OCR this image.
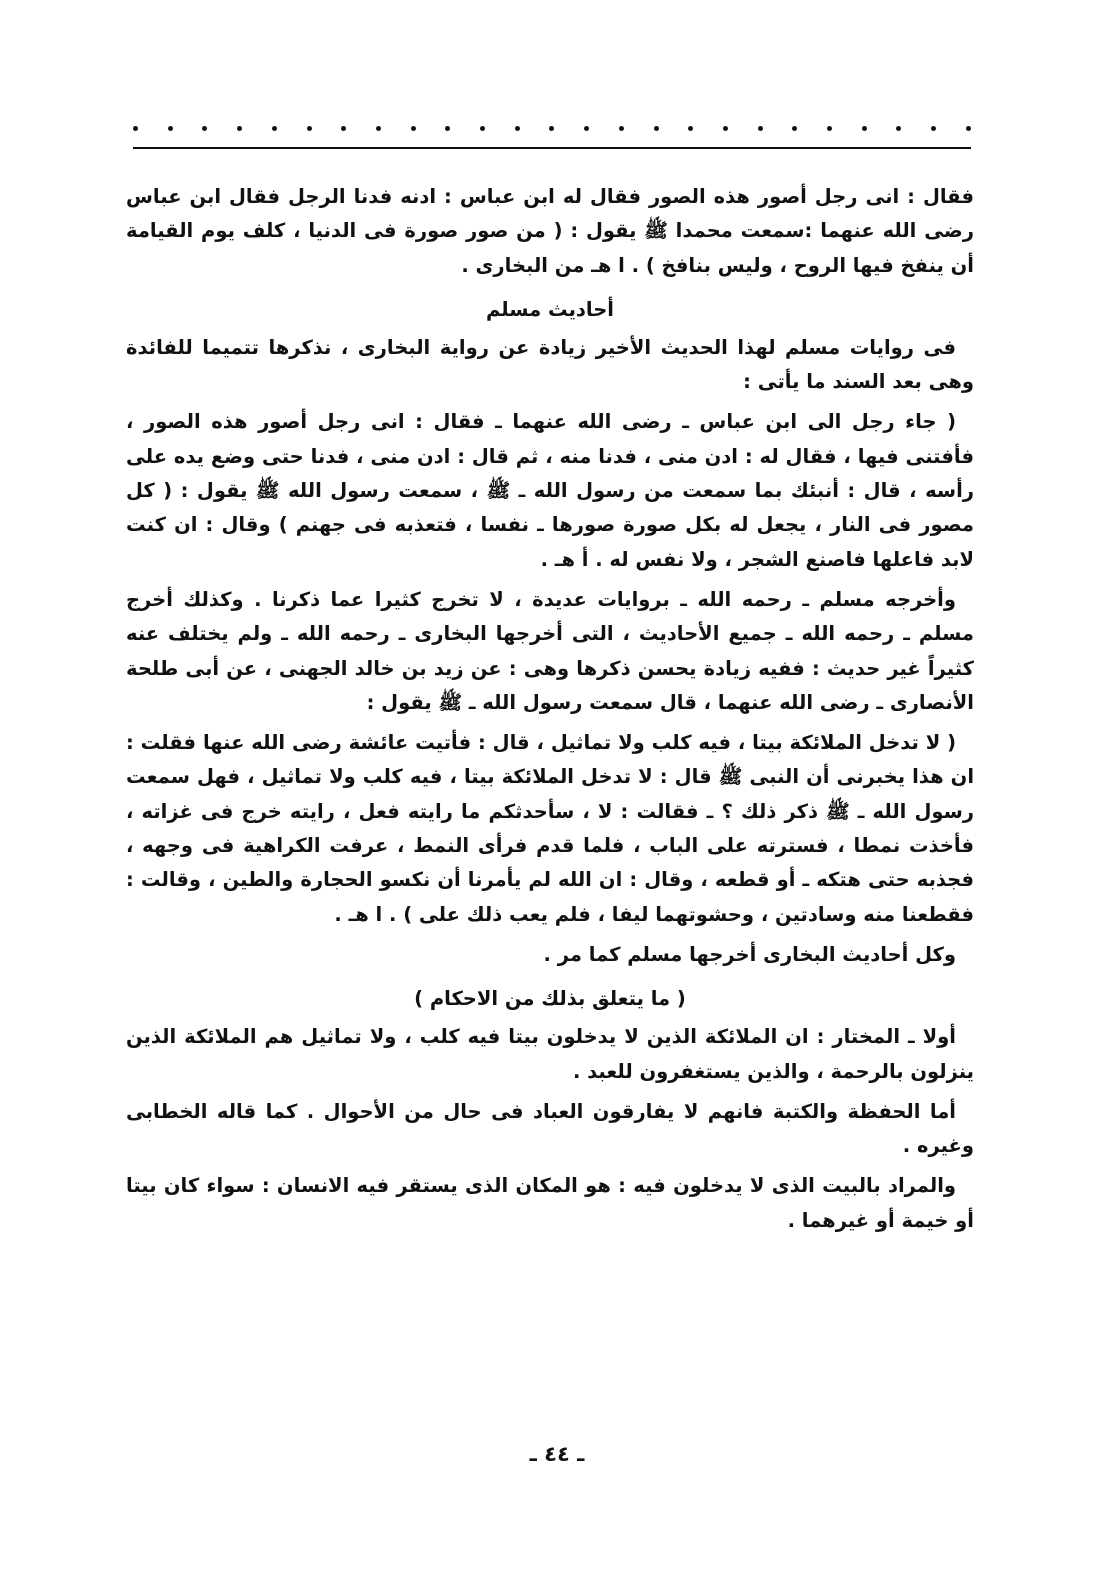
فقال : انى رجل أصور هذه الصور فقال له ابن عباس : ادنه فدنا الرجل فقال ابن عباس رضى الله عنهما :سمعت محمدا ﷺ يقول : ( من صور صورة فى الدنيا ، كلف يوم القيامة أن ينفخ فيها الروح ، وليس بنافخ ) . ا هـ من البخارى .

أحاديث مسلم

فى روايات مسلم لهذا الحديث الأخير زيادة عن رواية البخارى ، نذكرها تتميما للفائدة وهى بعد السند ما يأتى :

( جاء رجل الى ابن عباس ـ رضى الله عنهما ـ فقال : انى رجل أصور هذه الصور ، فأفتنى فيها ، فقال له : ادن منى ، فدنا منه ، ثم قال : ادن منى ، فدنا حتى وضع يده على رأسه ، قال : أنبئك بما سمعت من رسول الله ـ ﷺ ، سمعت رسول الله ﷺ يقول : ( كل مصور فى النار ، يجعل له بكل صورة صورها ـ نفسا ، فتعذبه فى جهنم ) وقال : ان كنت لابد فاعلها فاصنع الشجر ، ولا نفس له . أ هـ .

وأخرجه مسلم ـ رحمه الله ـ بروايات عديدة ، لا تخرج كثيرا عما ذكرنا . وكذلك أخرج مسلم ـ رحمه الله ـ جميع الأحاديث ، التى أخرجها البخارى ـ رحمه الله ـ ولم يختلف عنه كثيراً غير حديث : ففيه زيادة يحسن ذكرها وهى : عن زيد بن خالد الجهنى ، عن أبى طلحة الأنصارى ـ رضى الله عنهما ، قال سمعت رسول الله ـ ﷺ يقول :

( لا تدخل الملائكة بيتا ، فيه كلب ولا تماثيل ، قال : فأتيت عائشة رضى الله عنها فقلت : ان هذا يخبرنى أن النبى ﷺ قال : لا تدخل الملائكة بيتا ، فيه كلب ولا تماثيل ، فهل سمعت رسول الله ـ ﷺ ذكر ذلك ؟ ـ فقالت : لا ، سأحدثكم ما رايته فعل ، رايته خرج فى غزاته ، فأخذت نمطا ، فسترته على الباب ، فلما قدم فرأى النمط ، عرفت الكراهية فى وجهه ، فجذبه حتى هتكه ـ أو قطعه ، وقال : ان الله لم يأمرنا أن نكسو الحجارة والطين ، وقالت : فقطعنا منه وسادتين ، وحشوتهما ليفا ، فلم يعب ذلك على ) . ا هـ .

وكل أحاديث البخارى أخرجها مسلم كما مر .

( ما يتعلق بذلك من الاحكام )

أولا ـ المختار : ان الملائكة الذين لا يدخلون بيتا فيه كلب ، ولا تماثيل هم الملائكة الذين ينزلون بالرحمة ، والذين يستغفرون للعبد .

أما الحفظة والكتبة فانهم لا يفارقون العباد فى حال من الأحوال . كما قاله الخطابى وغيره .

والمراد بالبيت الذى لا يدخلون فيه : هو المكان الذى يستقر فيه الانسان : سواء كان بيتا أو خيمة أو غيرهما .

ـ ٤٤ ـ
